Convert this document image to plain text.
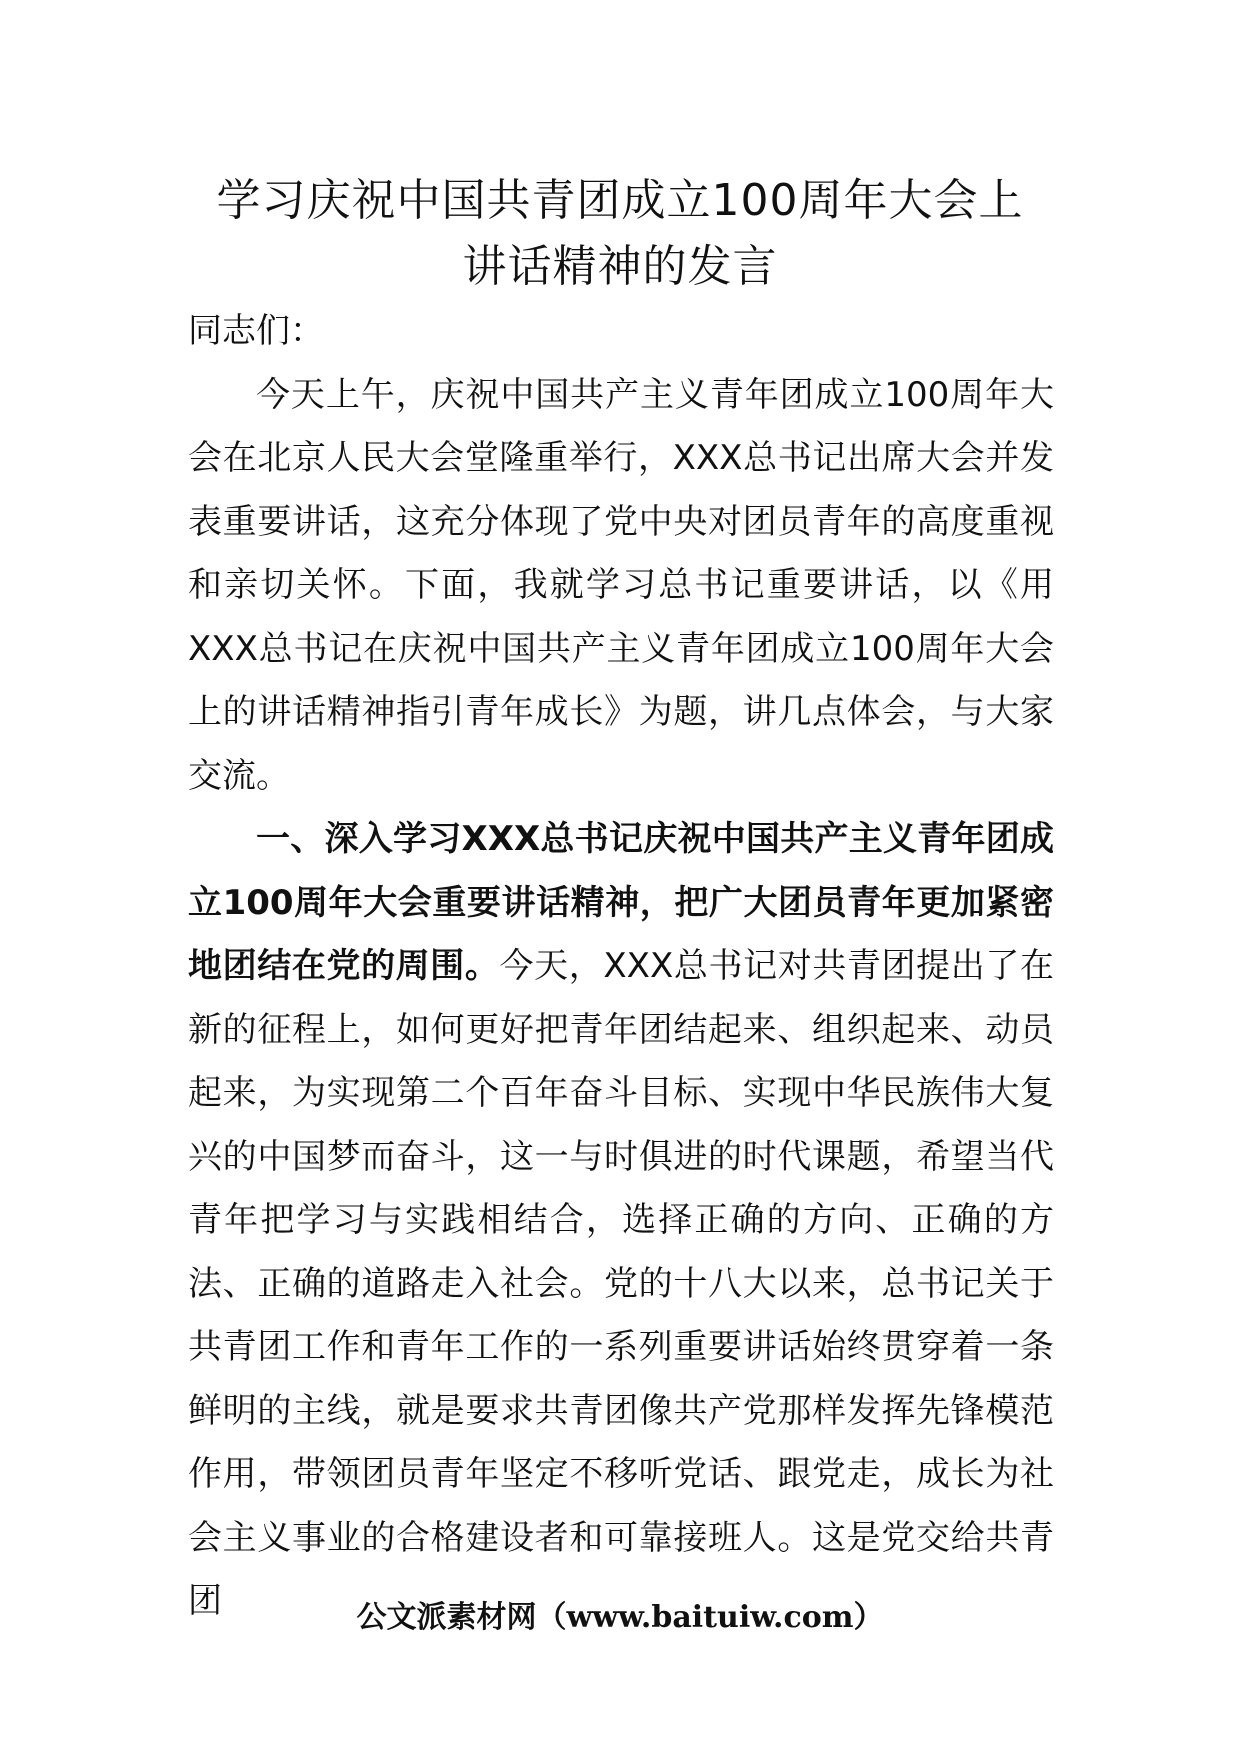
学习庆祝中国共青团成立100周年大会上
讲话精神的发言

同志们：

今天上午，庆祝中国共产主义青年团成立100周年大会在北京人民大会堂隆重举行，XXX总书记出席大会并发表重要讲话，这充分体现了党中央对团员青年的高度重视和亲切关怀。下面，我就学习总书记重要讲话，以《用XXX总书记在庆祝中国共产主义青年团成立100周年大会上的讲话精神指引青年成长》为题，讲几点体会，与大家交流。

一、深入学习XXX总书记庆祝中国共产主义青年团成立100周年大会重要讲话精神，把广大团员青年更加紧密地团结在党的周围。今天，XXX总书记对共青团提出了在新的征程上，如何更好把青年团结起来、组织起来、动员起来，为实现第二个百年奋斗目标、实现中华民族伟大复兴的中国梦而奋斗，这一与时俱进的时代课题，希望当代青年把学习与实践相结合，选择正确的方向、正确的方法、正确的道路走入社会。党的十八大以来，总书记关于共青团工作和青年工作的一系列重要讲话始终贯穿着一条鲜明的主线，就是要求共青团像共产党那样发挥先锋模范作用，带领团员青年坚定不移听党话、跟党走，成长为社会主义事业的合格建设者和可靠接班人。这是党交给共青团	公文派素材网（www.baituiw.com）
